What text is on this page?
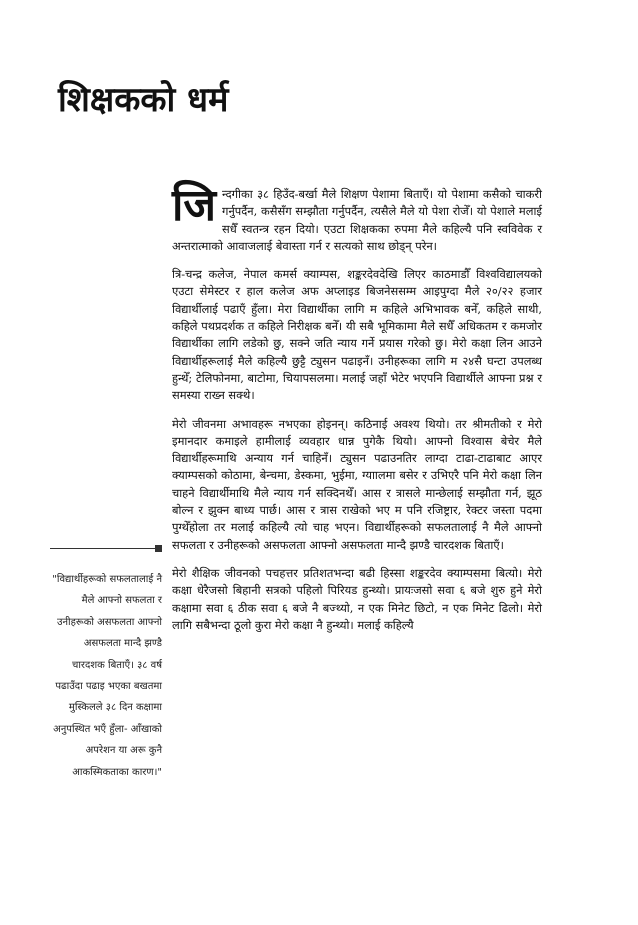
शिक्षकको धर्म

जिन्दगीका ३८ हिउँद-बर्खा मैले शिक्षण पेशामा बिताएँ। यो पेशामा कसैको चाकरी गर्नुपर्दैन, कसैसँग सम्झौता गर्नुपर्दैन, त्यसैले मैले यो पेशा रोजेँ। यो पेशाले मलाई सधैँ स्वतन्त्र रहन दियो। एउटा शिक्षकका रुपमा मैले कहिल्यै पनि स्वविवेक र अन्तरात्माको आवाजलाई बेवास्ता गर्न र सत्यको साथ छोड्न् परेन।

त्रि-चन्द्र कलेज, नेपाल कमर्स क्याम्पस, शङ्करदेवदेखि लिएर काठमाडौँ विश्वविद्यालयको एउटा सेमेस्टर र हाल कलेज अफ अप्लाइड बिजनेससम्म आइपुग्दा मैले २०/२२ हजार विद्यार्थीलाई पढाएँ हुँला। मेरा विद्यार्थीका लागि म कहिले अभिभावक बनेँ, कहिले साथी, कहिले पथप्रदर्शक त कहिले निरीक्षक बनेँ। यी सबै भूमिकामा मैले सधैँ अधिकतम र कमजोर विद्यार्थीका लागि लडेको छु, सक्ने जति न्याय गर्ने प्रयास गरेको छु। मेरो कक्षा लिन आउने विद्यार्थीहरूलाई मैले कहिल्यै छुट्टै ट्युसन पढाइनँ। उनीहरूका लागि म २४सै घन्टा उपलब्ध हुन्थेँ; टेलिफोनमा, बाटोमा, चियापसलमा। मलाई जहाँ भेटेर भएपनि विद्यार्थीले आफ्ना प्रश्न र समस्या राख्न सक्थे।

मेरो जीवनमा अभावहरू नभएका होइनन्। कठिनाई अवश्य थियो। तर श्रीमतीको र मेरो इमानदार कमाइले हामीलाई व्यवहार धान्न पुगेकै थियो। आफ्नो विश्वास बेचेर मैले विद्यार्थीहरूमाथि अन्याय गर्न चाहिनँ। ट्युसन पढाउनतिर लाग्दा टाढा-टाढाबाट आएर क्याम्पसको कोठामा, बेन्चमा, डेस्कमा, भुईमा, ग्याालमा बसेर र उभिएरै पनि मेरो कक्षा लिन चाहने विद्यार्थीमाथि मैले न्याय गर्न सक्दिनथेँ। आस र त्रासले मान्छेलाई सम्झौता गर्न, झूठ बोल्न र झुक्न बाध्य पार्छ। आस र त्रास राखेको भए म पनि रजिष्ट्रार, रेक्टर जस्ता पदमा पुग्थेँहोला तर मलाई कहिल्यै त्यो चाह भएन। विद्यार्थीहरूको सफलतालाई नै मैले आफ्नो सफलता र उनीहरूको असफलता आफ्नो असफलता मान्दै झण्डै चारदशक बिताएँ।

मेरो शैक्षिक जीवनको पचहत्तर प्रतिशतभन्दा बढी हिस्सा शङ्करदेव क्याम्पसमा बित्यो। मेरो कक्षा धेरैजसो बिहानी सत्रको पहिलो पिरियड हुन्थ्यो। प्रायःजसो सवा ६ बजे शुरु हुने मेरो कक्षामा सवा ६ ठीक सवा ६ बजे नै बज्थ्यो, न एक मिनेट छिटो, न एक मिनेट ढिलो। मेरो लागि सबैभन्दा ठूलो कुरा मेरो कक्षा नै हुन्थ्यो। मलाई कहिल्यै

"विद्यार्थीहरूको सफलतालाई नै मैले आफ्नो सफलता र उनीहरूको असफलता आफ्नो असफलता मान्दै झण्डै चारदशक बिताएँ। ३८ वर्ष पढाउँदा पढाइ भएका बखतमा मुस्किलले ३८ दिन कक्षामा अनुपस्थित भएँ हुँला- आँखाको अपरेशन या अरू कुनै आकस्मिकताका कारण।"
